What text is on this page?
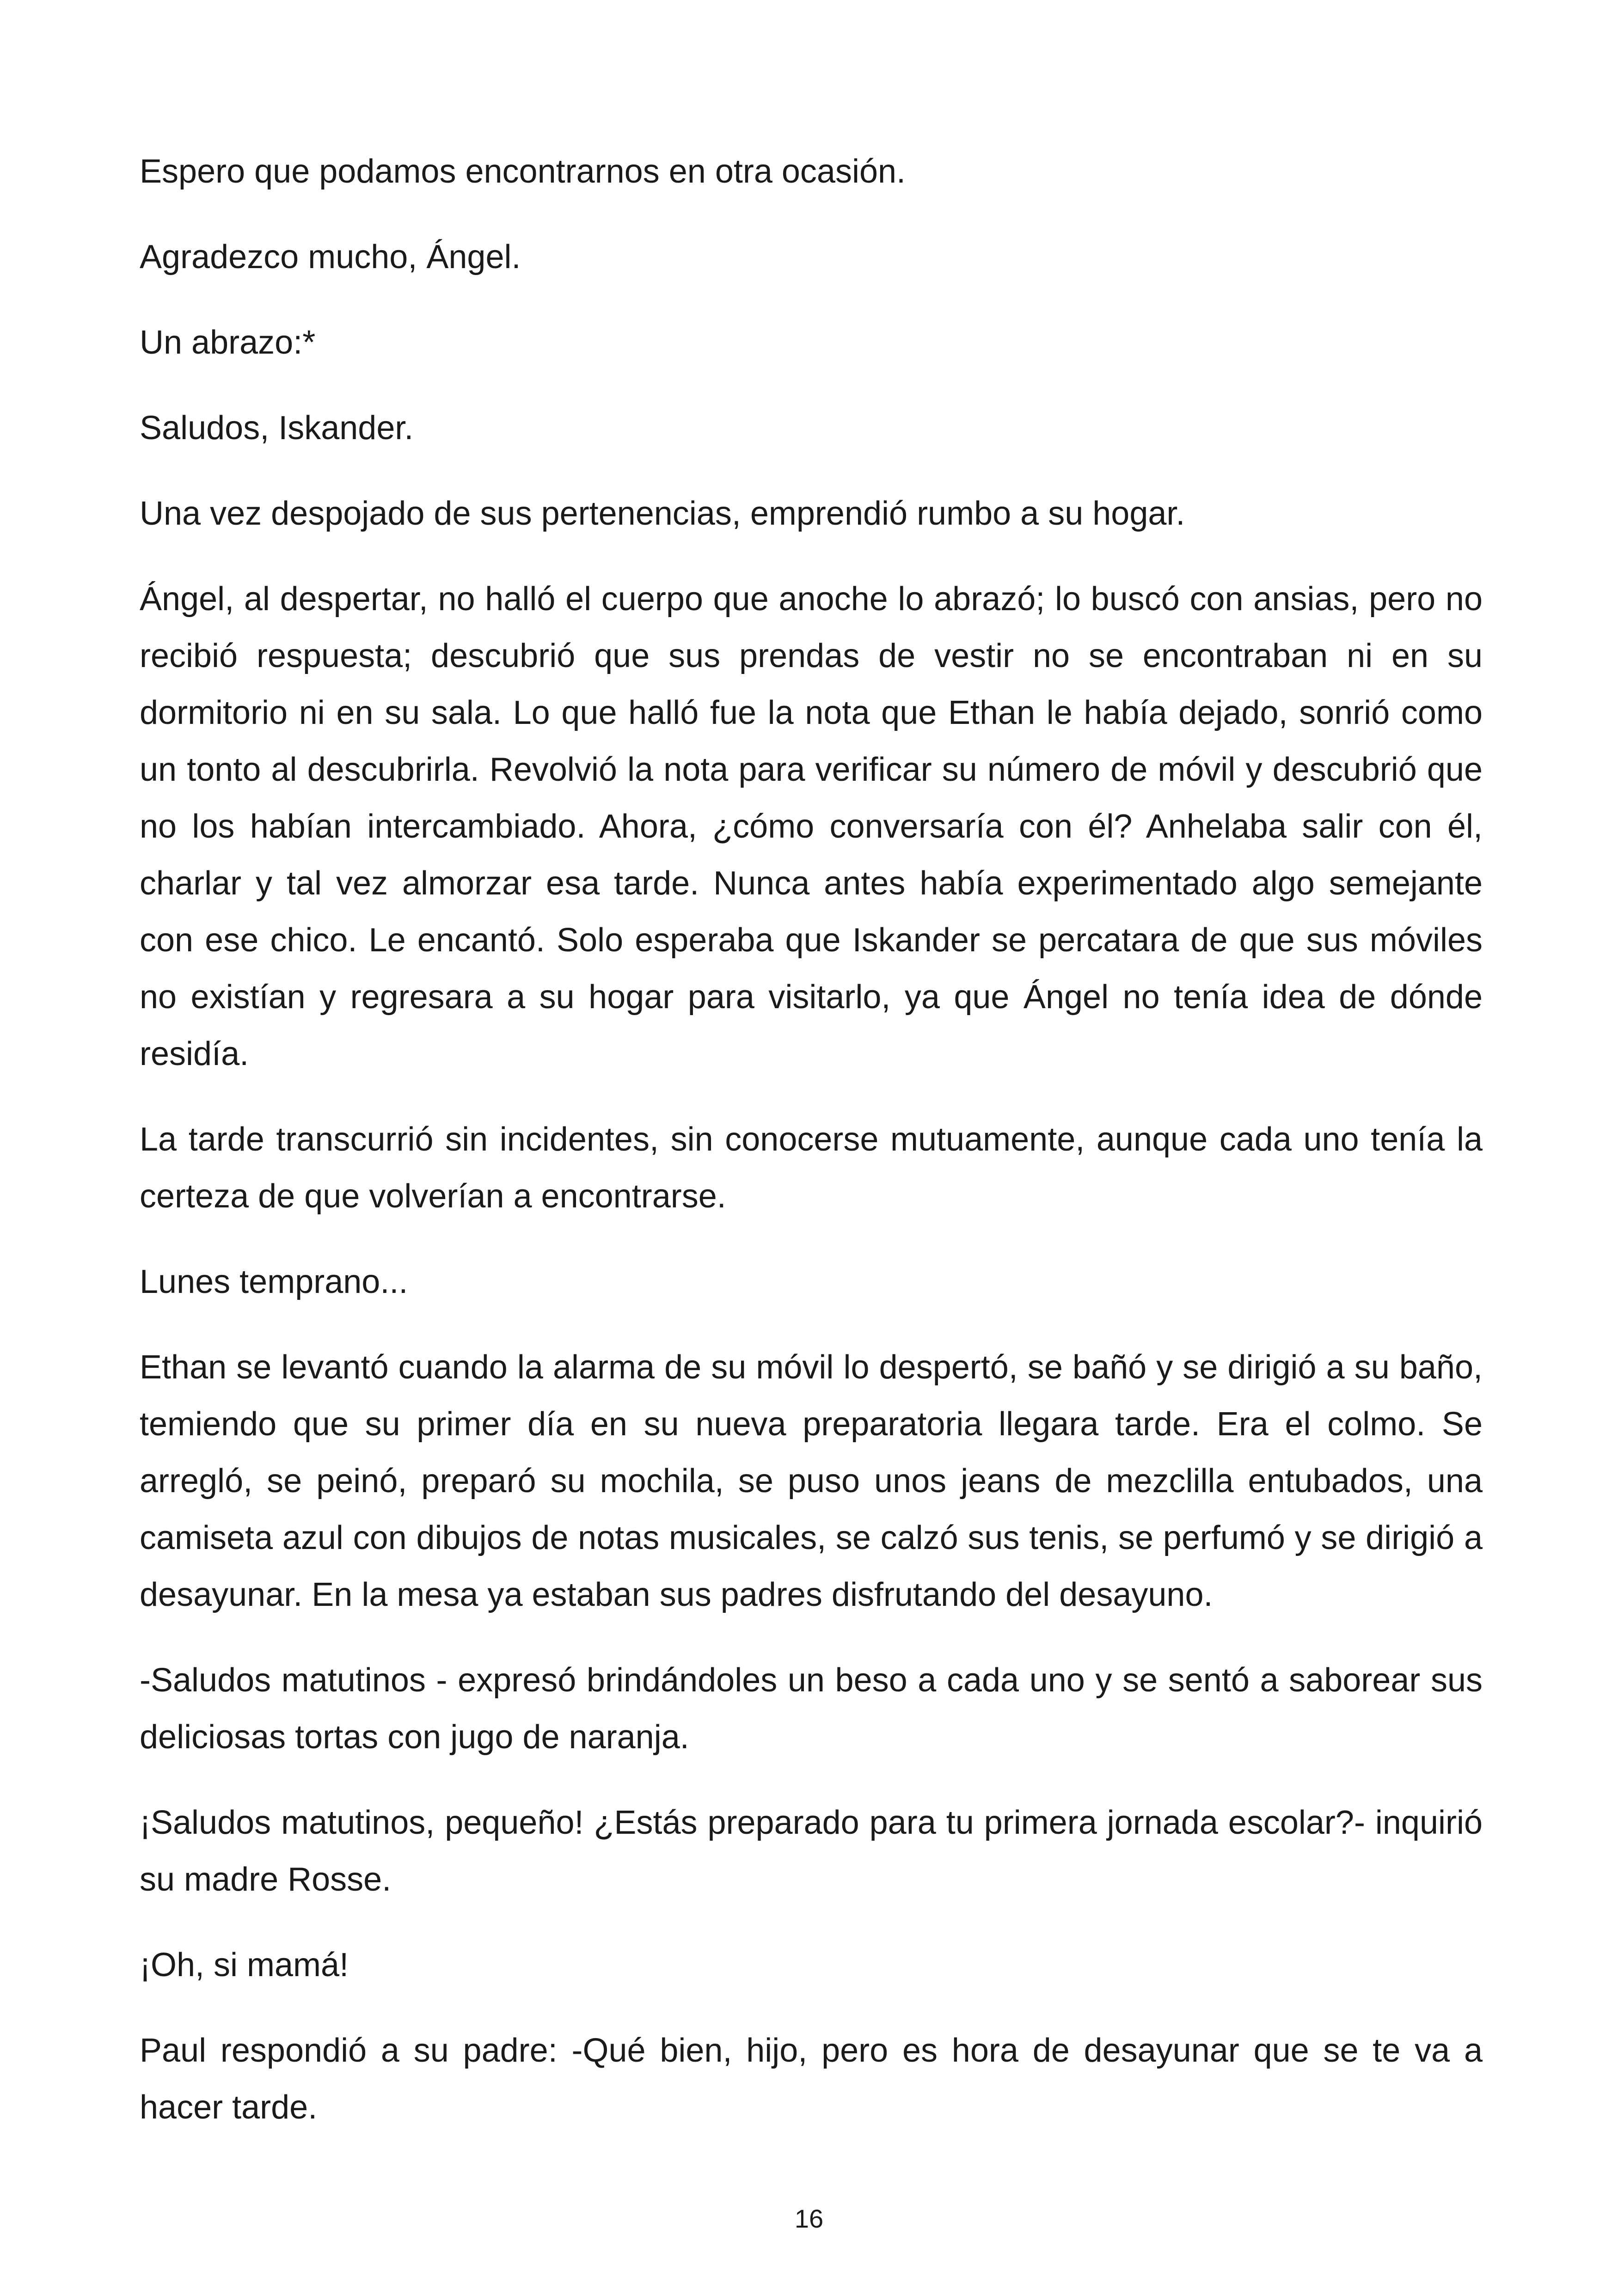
Espero que podamos encontrarnos en otra ocasión.

Agradezco mucho, Ángel.

Un abrazo:*

Saludos, Iskander.

Una vez despojado de sus pertenencias, emprendió rumbo a su hogar.

Ángel, al despertar, no halló el cuerpo que anoche lo abrazó; lo buscó con ansias, pero no recibió respuesta; descubrió que sus prendas de vestir no se encontraban ni en su dormitorio ni en su sala. Lo que halló fue la nota que Ethan le había dejado, sonrió como un tonto al descubrirla. Revolvió la nota para verificar su número de móvil y descubrió que no los habían intercambiado. Ahora, ¿cómo conversaría con él? Anhelaba salir con él, charlar y tal vez almorzar esa tarde. Nunca antes había experimentado algo semejante con ese chico. Le encantó. Solo esperaba que Iskander se percatara de que sus móviles no existían y regresara a su hogar para visitarlo, ya que Ángel no tenía idea de dónde residía.

La tarde transcurrió sin incidentes, sin conocerse mutuamente, aunque cada uno tenía la certeza de que volverían a encontrarse.

Lunes temprano...

Ethan se levantó cuando la alarma de su móvil lo despertó, se bañó y se dirigió a su baño, temiendo que su primer día en su nueva preparatoria llegara tarde. Era el colmo. Se arregló, se peinó, preparó su mochila, se puso unos jeans de mezclilla entubados, una camiseta azul con dibujos de notas musicales, se calzó sus tenis, se perfumó y se dirigió a desayunar. En la mesa ya estaban sus padres disfrutando del desayuno.

-Saludos matutinos - expresó brindándoles un beso a cada uno y se sentó a saborear sus deliciosas tortas con jugo de naranja.

¡Saludos matutinos, pequeño! ¿Estás preparado para tu primera jornada escolar?- inquirió su madre Rosse.

¡Oh, si mamá!

Paul respondió a su padre: -Qué bien, hijo, pero es hora de desayunar que se te va a hacer tarde.

16
